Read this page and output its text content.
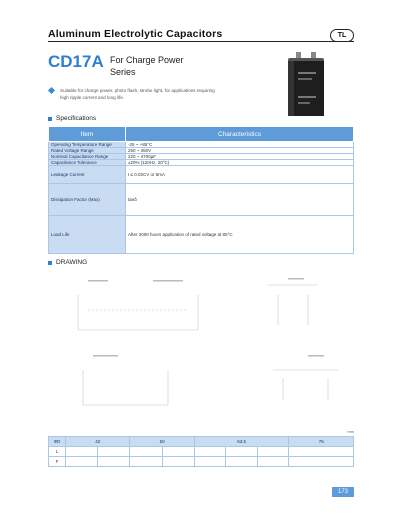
Aluminum Electrolytic Capacitors	TL
CD17A For Charge Power
Series
Suitable for charge power, photo flash, strobe light, for applications requiring
high ripple current and long life.
Specifications
Item	Characteristics
Operating Temperature Range	-25 ~ +85°C
Rated Voltage Range	250 ~ 450V
Nominal Capacitance Range	220 ~ 4700µF
Capacitance Tolerance	±20% (120Hz, 20°C)
Leakage Current	I ≤ 0.02CV or 5mA
Dissipation Factor (Max)	tanδ
Load Life	After 2000 hours application of rated voltage at 85°C
DRAWING
mm
ΦD	42		50		63.5			76
L								
F								
173
